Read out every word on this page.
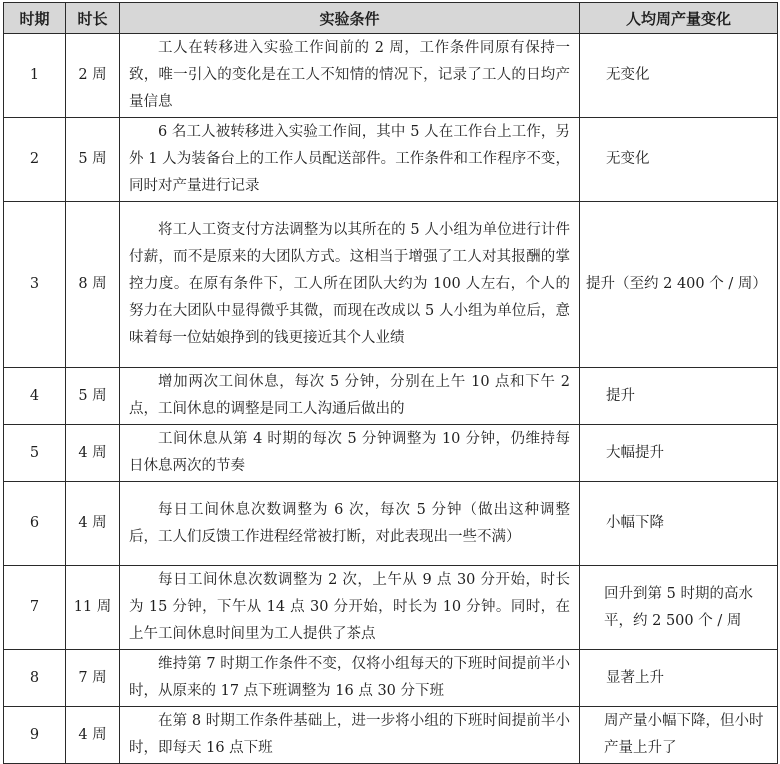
时期	时长	实验条件	人均周产量变化
1	2 周	工人在转移进入实验工作间前的 2 周，工作条件同原有保持一致，唯一引入的变化是在工人不知情的情况下，记录了工人的日均产量信息	无变化
2	5 周	6 名工人被转移进入实验工作间，其中 5 人在工作台上工作，另外 1 人为装备台上的工作人员配送部件。工作条件和工作程序不变，同时对产量进行记录	无变化
3	8 周	将工人工资支付方法调整为以其所在的 5 人小组为单位进行计件付薪，而不是原来的大团队方式。这相当于增强了工人对其报酬的掌控力度。在原有条件下，工人所在团队大约为 100 人左右，个人的努力在大团队中显得微乎其微，而现在改成以 5 人小组为单位后，意味着每一位姑娘挣到的钱更接近其个人业绩	提升（至约 2 400 个 / 周）
4	5 周	增加两次工间休息，每次 5 分钟，分别在上午 10 点和下午 2 点，工间休息的调整是同工人沟通后做出的	提升
5	4 周	工间休息从第 4 时期的每次 5 分钟调整为 10 分钟，仍维持每日休息两次的节奏	大幅提升
6	4 周	每日工间休息次数调整为 6 次，每次 5 分钟（做出这种调整后，工人们反馈工作进程经常被打断，对此表现出一些不满）	小幅下降
7	11 周	每日工间休息次数调整为 2 次，上午从 9 点 30 分开始，时长为 15 分钟，下午从 14 点 30 分开始，时长为 10 分钟。同时，在上午工间休息时间里为工人提供了茶点	回升到第 5 时期的高水平，约 2 500 个 / 周
8	7 周	维持第 7 时期工作条件不变，仅将小组每天的下班时间提前半小时，从原来的 17 点下班调整为 16 点 30 分下班	显著上升
9	4 周	在第 8 时期工作条件基础上，进一步将小组的下班时间提前半小时，即每天 16 点下班	周产量小幅下降，但小时产量上升了
